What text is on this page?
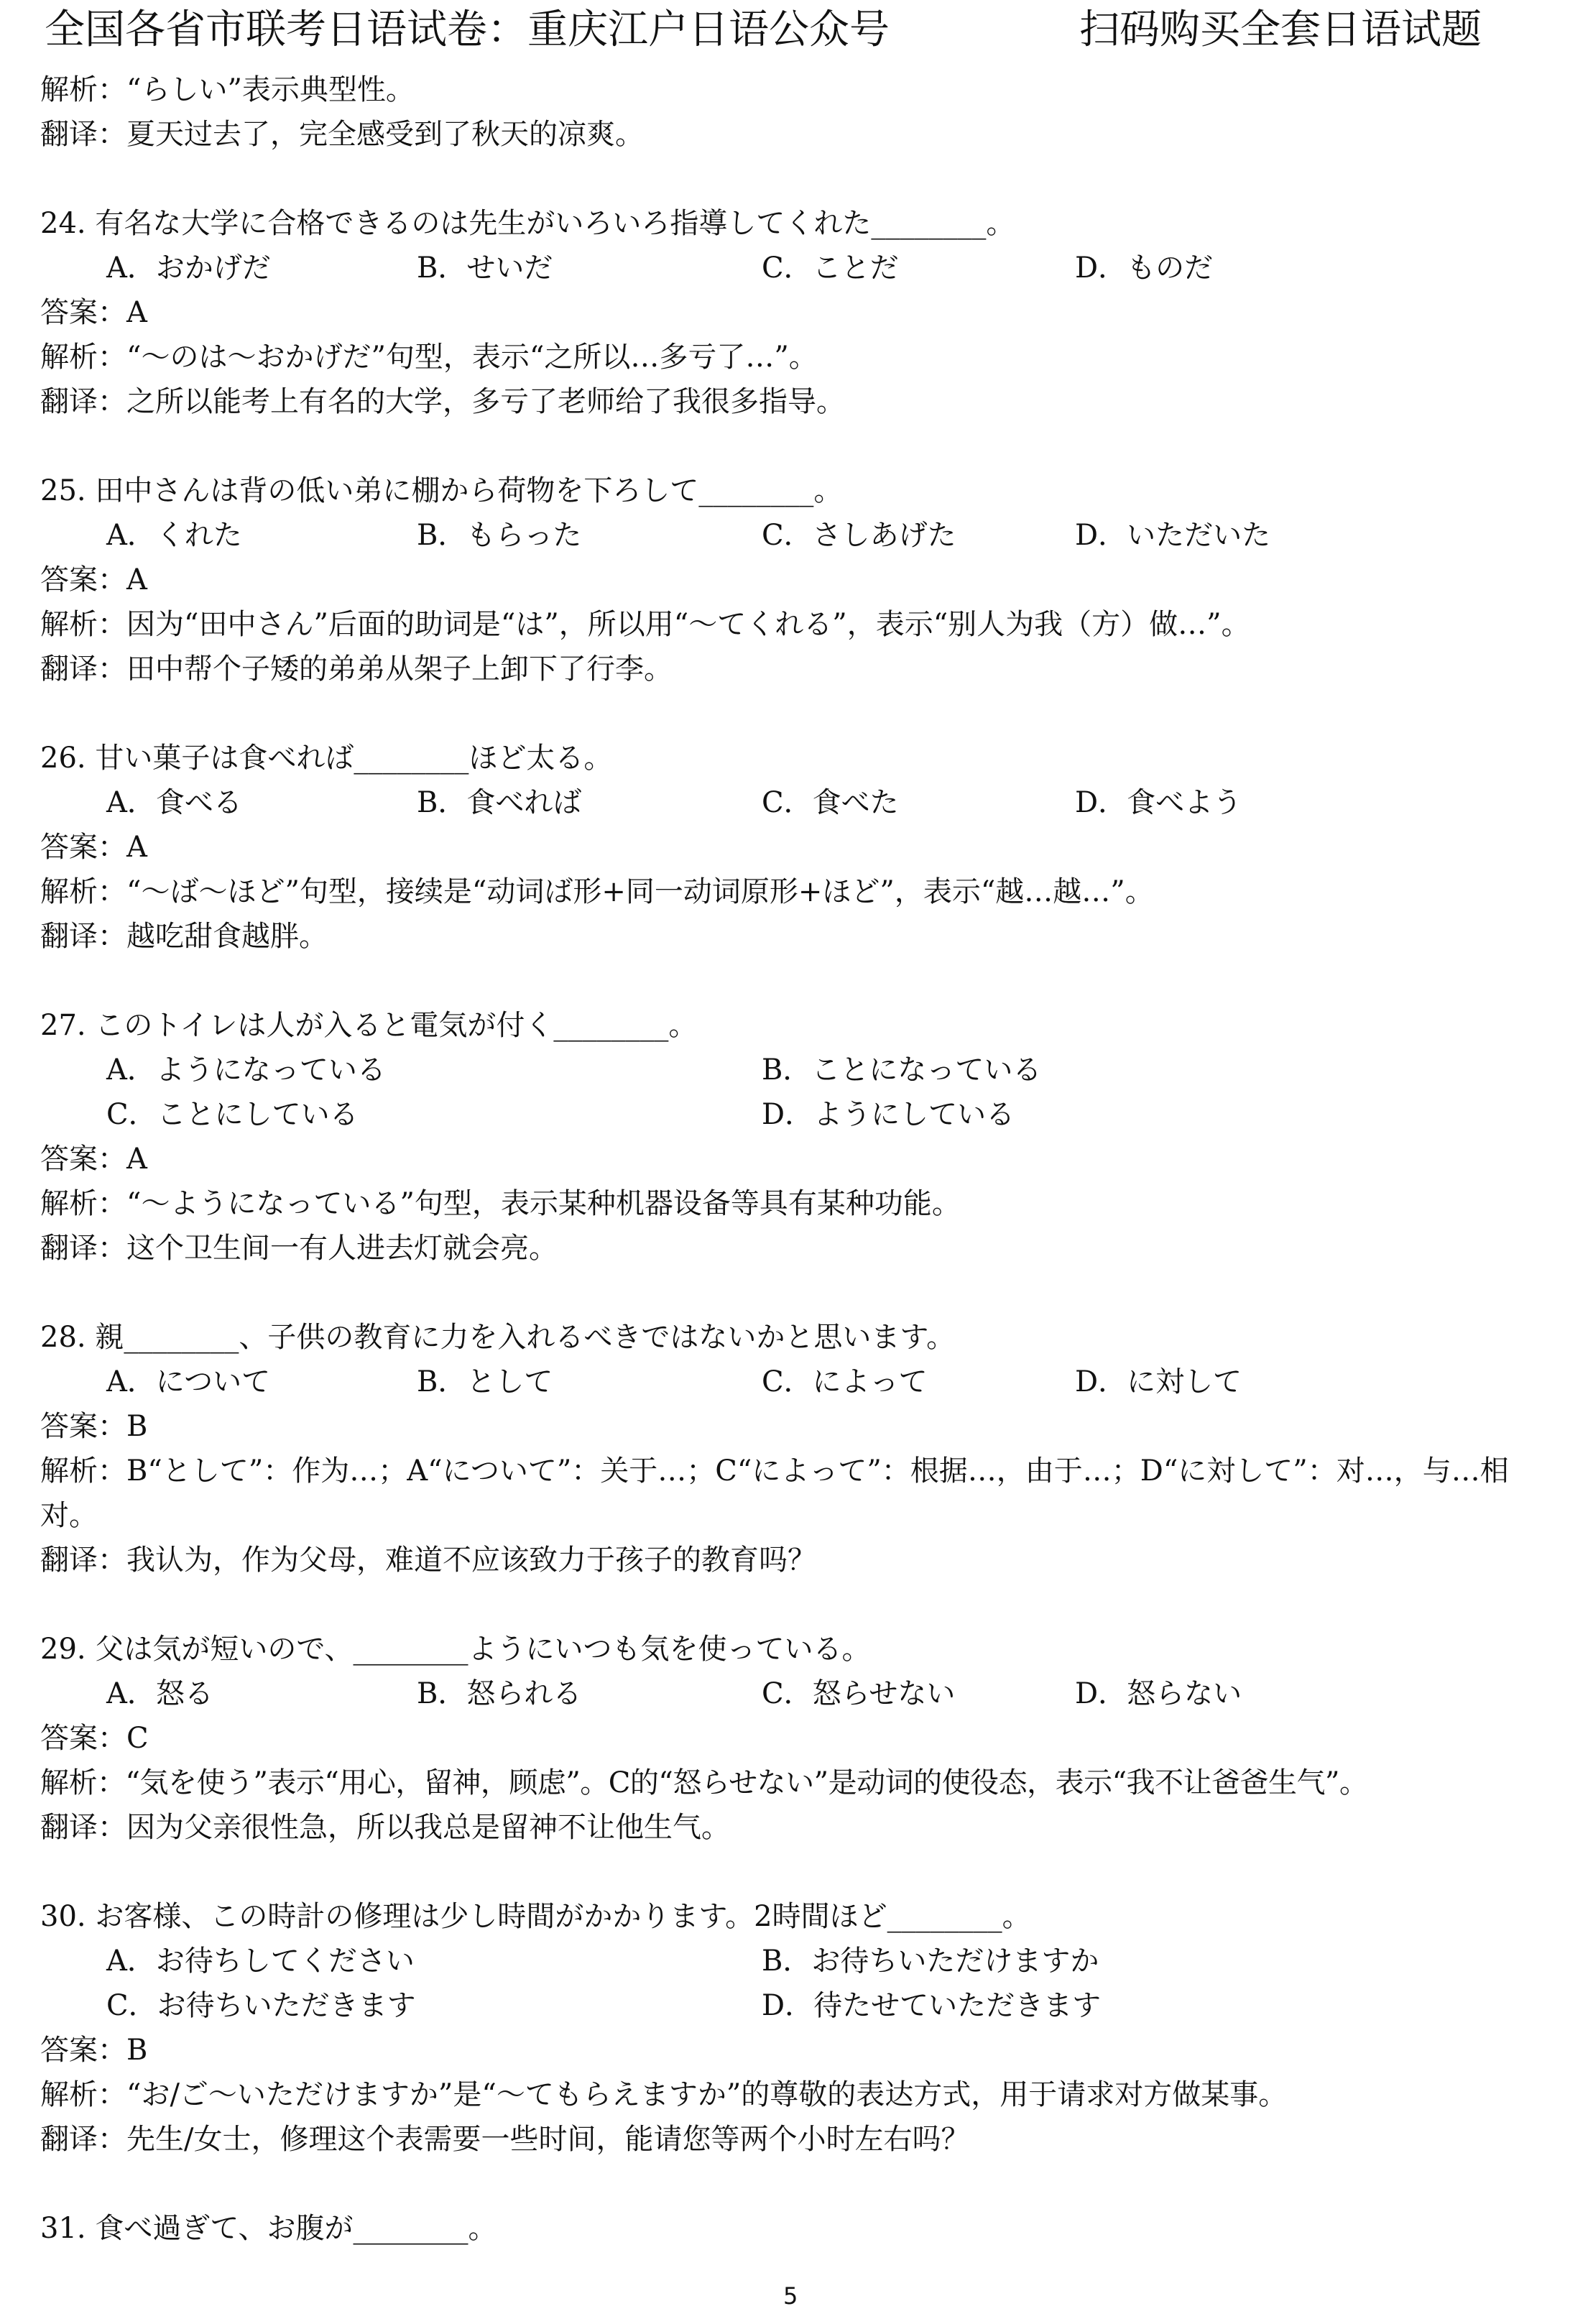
全国各省市联考日语试卷：重庆江户日语公众号	扫码购买全套日语试题
解析：“らしい”表示典型性。
翻译：夏天过去了，完全感受到了秋天的凉爽。
24. 有名な大学に合格できるのは先生がいろいろ指導してくれた________。
A．おかげだ	B．せいだ	C．ことだ	D．ものだ
答案：A
解析：“～のは～おかげだ”句型，表示“之所以…多亏了…”。
翻译：之所以能考上有名的大学，多亏了老师给了我很多指导。
25. 田中さんは背の低い弟に棚から荷物を下ろして________。
A．くれた	B．もらった	C．さしあげた	D．いただいた
答案：A
解析：因为“田中さん”后面的助词是“は”，所以用“～てくれる”，表示“别人为我（方）做…”。
翻译：田中帮个子矮的弟弟从架子上卸下了行李。
26. 甘い菓子は食べれば________ほど太る。
A．食べる	B．食べれば	C．食べた	D．食べよう
答案：A
解析：“～ば～ほど”句型，接续是“动词ば形+同一动词原形+ほど”，表示“越…越…”。
翻译：越吃甜食越胖。
27. このトイレは人が入ると電気が付く________。
A．ようになっている	B．ことになっている
C．ことにしている	D．ようにしている
答案：A
解析：“～ようになっている”句型，表示某种机器设备等具有某种功能。
翻译：这个卫生间一有人进去灯就会亮。
28. 親________、子供の教育に力を入れるべきではないかと思います。
A．について	B．として	C．によって	D．に対して
答案：B
解析：B“として”：作为…；A“について”：关于…；C“によって”：根据…，由于…；D“に対して”：对…，与…相对。
翻译：我认为，作为父母，难道不应该致力于孩子的教育吗？
29. 父は気が短いので、________ようにいつも気を使っている。
A．怒る	B．怒られる	C．怒らせない	D．怒らない
答案：C
解析：“気を使う”表示“用心，留神，顾虑”。C的“怒らせない”是动词的使役态，表示“我不让爸爸生气”。
翻译：因为父亲很性急，所以我总是留神不让他生气。
30. お客様、この時計の修理は少し時間がかかります。2時間ほど________。
A．お待ちしてください	B．お待ちいただけますか
C．お待ちいただきます	D．待たせていただきます
答案：B
解析：“お/ご～いただけますか”是“～てもらえますか”的尊敬的表达方式，用于请求对方做某事。
翻译：先生/女士，修理这个表需要一些时间，能请您等两个小时左右吗？
31. 食べ過ぎて、お腹が________。
5
